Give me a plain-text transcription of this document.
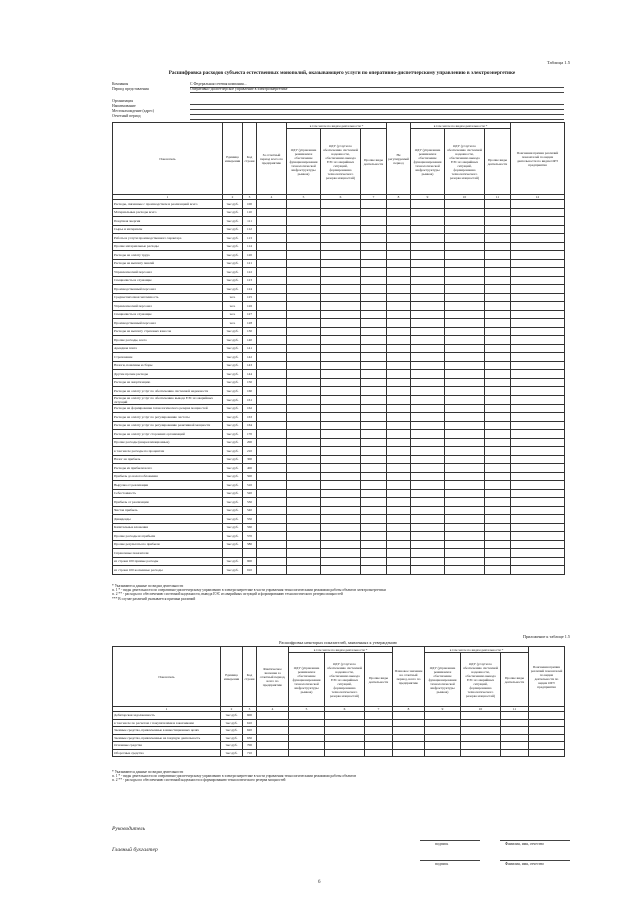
Таблица 1.5
Расшифровка расходов субъекта естественных монополий, оказывающего услуги по оперативно-диспетчерскому управлению в электроэнергетике
Компания	С Федеральная сетевая компания...
Период представления	Оперативно-диспетчерское управление в электроэнергетике
Организация
Наименование
Местонахождение (адрес)
Отчетный период
Показатель	Единица измерения	Код строки	За отчетный период всего по предприятию	в том числе по видам деятельности *			Не регулируемый период	в том числе по видам деятельности *			Пояснения причин различий показателей по видам деятельности по видам ОРЭ предприятия
				ОДУ (управление режимами и обеспечение функционирования технологической инфраструктуры рынков)	ОДУ (услуги по обеспечению системной надежности, обеспечению вывода ЕЭС из аварийных ситуаций, формированию технологического резерва мощностей)	Прочие виды деятельности		ОДУ (управление режимами и обеспечение функционирования технологической инфраструктуры рынков)	ОДУ (услуги по обеспечению системной надежности, обеспечению вывода ЕЭС из аварийных ситуаций, формированию технологического резерва мощностей)	Прочие виды деятельности	
1	2	3	4	5	6	7	8	9	10	11	12
Расходы, связанные с производством и реализацией всего	тыс.руб.	100									
Материальные расходы всего	тыс.руб.	110									
Покупная энергия	тыс.руб.	111									
Сырье и материалы	тыс.руб.	112									
Работы и услуги производственного характера	тыс.руб.	113									
Прочие материальные расходы	тыс.руб.	114									
Расходы на оплату труда	тыс.руб.	120									
Расходы на выплату пенсий	тыс.руб.	121									
Управленческий персонал	тыс.руб.	122									
Специалисты и служащие	тыс.руб.	123									
Производственный персонал	тыс.руб.	124									
Среднесписочная численность	чел.	125									
Управленческий персонал	чел.	126									
Специалисты и служащие	чел.	127									
Производственный персонал	чел.	128									
Расходы на выплату страховых взносов	тыс.руб.	130									
Прочие расходы, всего	тыс.руб.	140									
Арендная плата	тыс.руб.	141									
Страхование	тыс.руб.	142									
Налоги, пошлины и сборы	тыс.руб.	143									
Другие прочие расходы	тыс.руб.	144									
Расходы на амортизацию	тыс.руб.	150									
Расходы на оплату услуг по обеспечению системной надежности	тыс.руб.	160									
Расходы на оплату услуг по обеспечению вывода ЕЭС из аварийных ситуаций	тыс.руб.	161									
Расходы на формирование технологического резерва мощностей	тыс.руб.	162									
Расходы на оплату услуг по регулированию частоты	тыс.руб.	163									
Расходы на оплату услуг по регулированию реактивной мощности	тыс.руб.	164									
Расходы на оплату услуг сторонних организаций	тыс.руб.	170									
Прочие расходы (внереализационные)	тыс.руб.	200									
в том числе расходы по процентам	тыс.руб.	210									
Налог на прибыль	тыс.руб.	300									
Расходы из прибыли всего	тыс.руб.	400									
Прибыль до налогообложения	тыс.руб.	500									
Выручка от реализации	тыс.руб.	510									
Себестоимость	тыс.руб.	520									
Прибыль от реализации	тыс.руб.	530									
Чистая прибыль	тыс.руб.	540									
Дивиденды	тыс.руб.	550									
Капитальные вложения	тыс.руб.	560									
Прочие расходы из прибыли	тыс.руб.	570									
Прочие результаты по прибыли	тыс.руб.	580									
Справочные показатели											
из строки 100 прямые расходы	тыс.руб.	900									
из строки 100 косвенные расходы	тыс.руб.	910									
* Указываются данные по видам деятельности
п. 1 * - виды деятельности по оперативно-диспетчерскому управлению в электроэнергетике в части управления технологическими режимами работы объектов электроэнергетики
п. 2 ** - расходы по обеспечению системной надежности, вывода ЕЭС из аварийных ситуаций и формированию технологического резерва мощностей
*** В случае различий указывается причина различий
Приложение к таблице 1.5
Расшифровка некоторых показателей, заявленных к утверждению
Показатель	Единица измерения	Код строки	Фактическое значение за отчетный период, всего по предприятию	в том числе по видам деятельности *			Плановое значение на отчетный период, всего по предприятию	в том числе по видам деятельности *			Пояснения причин различий показателей по видам деятельности по видам ОРЭ предприятия
				ОДУ (управление режимами и обеспечение функционирования технологической инфраструктуры рынков)	ОДУ (услуги по обеспечению системной надежности, обеспечению вывода ЕЭС из аварийных ситуаций, формированию технологического резерва мощностей)	Прочие виды деятельности		ОДУ (управление режимами и обеспечение функционирования технологической инфраструктуры рынков)	ОДУ (услуги по обеспечению системной надежности, обеспечению вывода ЕЭС из аварийных ситуаций, формированию технологического резерва мощностей)	Прочие виды деятельности	
1	2	3	4	5	6	7	8	9	10	11	
Дебиторская задолженность	тыс.руб.	600									
в том числе по расчетам с покупателями и заказчиками	тыс.руб.	610									
Заемные средства, привлеченные в инвестиционных целях	тыс.руб.	620									
Заемные средства, привлеченные на текущую деятельность	тыс.руб.	630									
Основные средства	тыс.руб.	700									
Оборотные средства	тыс.руб.	710									
* Указываются данные по видам деятельности
п. 1 * - виды деятельности по оперативно-диспетчерскому управлению в электроэнергетике в части управления технологическими режимами работы объектов
п. 2 ** - расходы по обеспечению системной надежности и формированию технологического резерва мощностей
Руководитель
подпись	Фамилия, имя, отчество
Главный бухгалтер
подпись	Фамилия, имя, отчество
6
